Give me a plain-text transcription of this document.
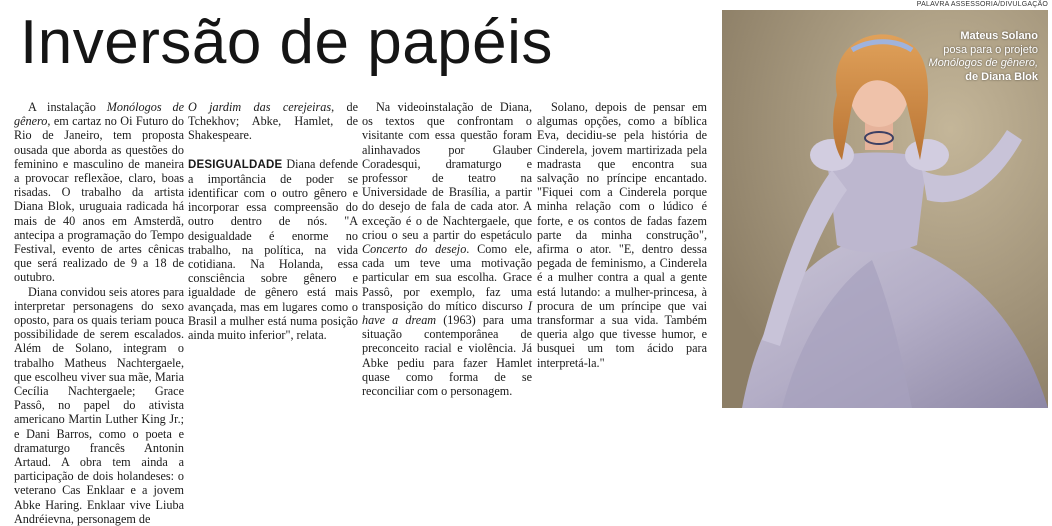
Inversão de papéis
PALAVRA ASSESSORIA/DIVULGAÇÃO

A instalação Monólogos de gênero, em cartaz no Oi Futuro do Rio de Janeiro, tem proposta ousada que aborda as questões do feminino e masculino de maneira a provocar reflexãoe, claro, boas risadas. O trabalho da artista Diana Blok, uruguaia radicada há mais de 40 anos em Amsterdã, antecipa a programação do Tempo Festival, evento de artes cênicas que será realizado de 9 a 18 de outubro.

Diana convidou seis atores para interpretar personagens do sexo oposto, para os quais teriam pouca possibilidade de serem escalados. Além de Solano, integram o trabalho Matheus Nachtergaele, que escolheu viver sua mãe, Maria Cecília Nachtergaele; Grace Passô, no papel do ativista americano Martin Luther King Jr.; e Dani Barros, como o poeta e dramaturgo francês Antonin Artaud. A obra tem ainda a participação de dois holandeses: o veterano Cas Enklaar e a jovem Abke Haring. Enklaar vive Liuba Andréievna, personagem de

O jardim das cerejeiras, de Tchekhov; Abke, Hamlet, de Shakespeare.

DESIGUALDADE Diana defende a importância de poder se identificar com o outro gênero e incorporar essa compreensão do outro dentro de nós. "A desigualdade é enorme no trabalho, na política, na vida cotidiana. Na Holanda, essa consciência sobre gênero e igualdade de gênero está mais avançada, mas em lugares como o Brasil a mulher está numa posição ainda muito inferior", relata.

Na videoinstalação de Diana, os textos que confrontam o visitante com essa questão foram alinhavados por Glauber Coradesqui, dramaturgo e professor de teatro na Universidade de Brasília, a partir do desejo de fala de cada ator. A exceção é o de Nachtergaele, que criou o seu a partir do espetáculo Concerto do desejo. Como ele, cada um teve uma motivação particular em sua escolha. Grace Passô, por exemplo, faz uma transposição do mítico discurso I have a dream (1963) para uma situação contemporânea de preconceito racial e violência. Já Abke pediu para fazer Hamlet quase como forma de se reconciliar com o personagem.

Solano, depois de pensar em algumas opções, como a bíblica Eva, decidiu-se pela história de Cinderela, jovem martirizada pela madrasta que encontra sua salvação no príncipe encantado. "Fiquei com a Cinderela porque minha relação com o lúdico é forte, e os contos de fadas fazem parte da minha construção", afirma o ator. "E, dentro dessa pegada de feminismo, a Cinderela é a mulher contra a qual a gente está lutando: a mulher-princesa, à procura de um príncipe que vai transformar a sua vida. Também queria algo que tivesse humor, e busquei um tom ácido para interpretá-la."

Mateus Solano
posa para o projeto
Monólogos de gênero,
de Diana Blok
